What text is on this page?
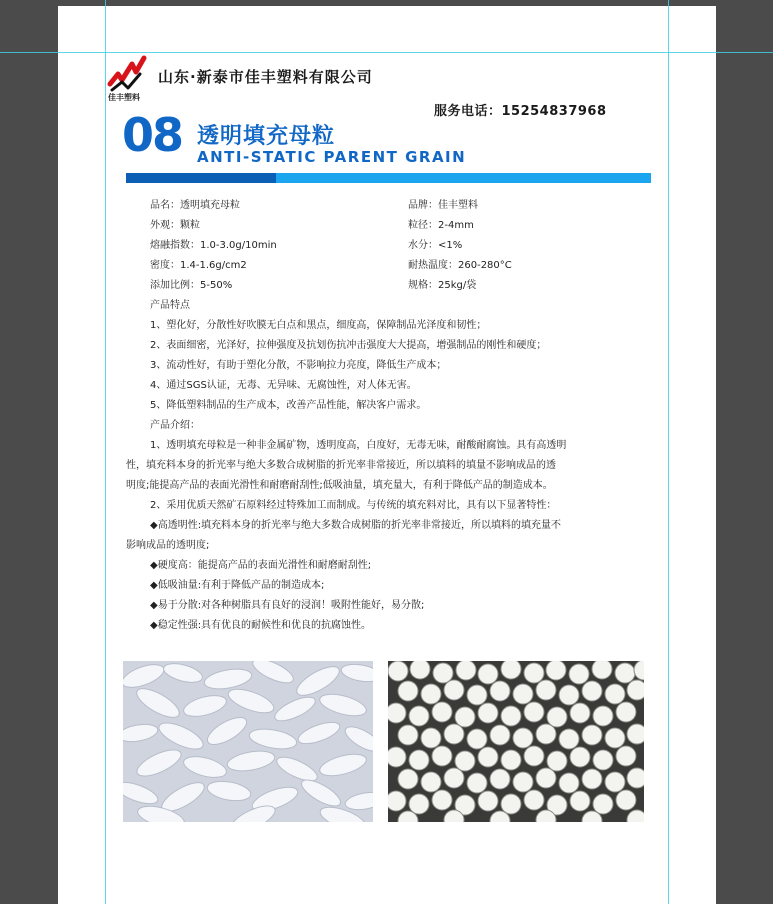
佳丰塑料
山东·新泰市佳丰塑料有限公司
服务电话：15254837968
08 透明填充母粒
ANTI-STATIC PARENT GRAIN
品名：透明填充母粒	品牌：佳丰塑料
外观：颗粒	粒径：2-4mm
熔融指数：1.0-3.0g/10min	水分：<1%
密度：1.4-1.6g/cm2	耐热温度：260-280°C
添加比例：5-50%	规格：25kg/袋
产品特点
1、塑化好，分散性好吹膜无白点和黑点，细度高，保障制品光泽度和韧性；
2、表面细密，光泽好，拉伸强度及抗划伤抗冲击强度大大提高，增强制品的刚性和硬度；
3、流动性好，有助于塑化分散，不影响拉力亮度，降低生产成本；
4、通过SGS认证，无毒、无异味、无腐蚀性，对人体无害。
5、降低塑料制品的生产成本，改善产品性能，解决客户需求。
产品介绍：
1、透明填充母粒是一种非金属矿物，透明度高，白度好，无毒无味，耐酸耐腐蚀。具有高透明
性，填充料本身的折光率与绝大多数合成树脂的折光率非常接近，所以填料的填量不影响成品的透
明度;能提高产品的表面光滑性和耐磨耐刮性;低吸油量，填充量大，有利于降低产品的制造成本。
2、采用优质天然矿石原料经过特殊加工而制成。与传统的填充料对比，具有以下显著特性：
◆高透明性:填充料本身的折光率与绝大多数合成树脂的折光率非常接近，所以填料的填充量不
影响成品的透明度;
◆硬度高：能提高产品的表面光滑性和耐磨耐刮性;
◆低吸油量:有利于降低产品的制造成本;
◆易于分散:对各种树脂具有良好的浸润！吸附性能好，易分散;
◆稳定性强:具有优良的耐候性和优良的抗腐蚀性。
